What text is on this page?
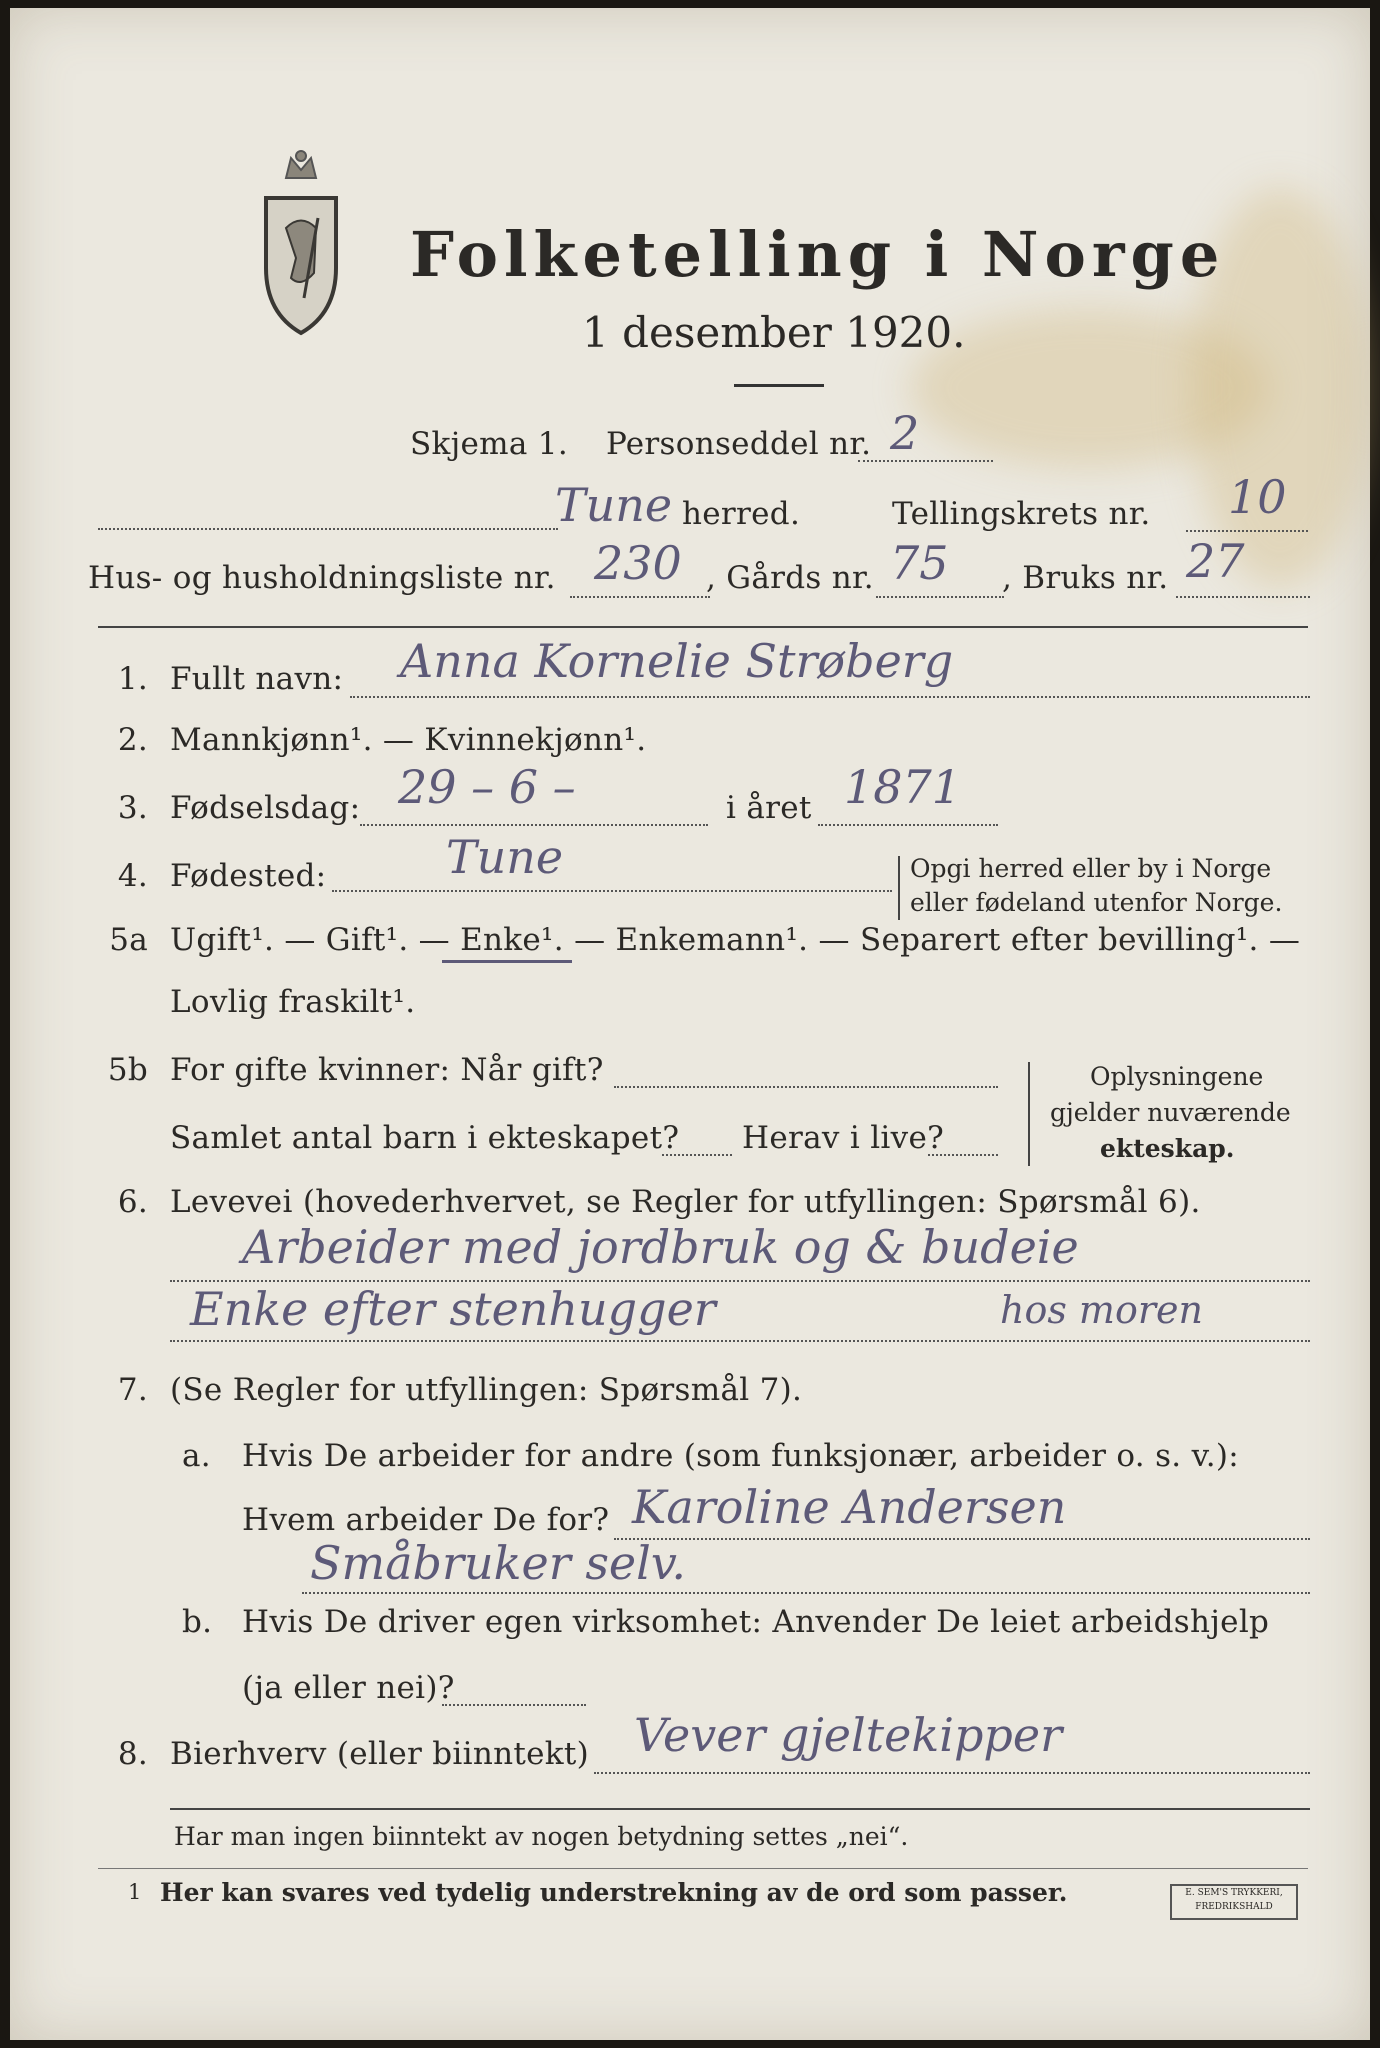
Folketelling i Norge
1 desember 1920.
Skjema 1. Personseddel nr. 2
Tune herred.	Tellingskrets nr. 10
Hus- og husholdningsliste nr. 230 , Gårds nr. 75 , Bruks nr. 27
1. Fullt navn: Anna Kornelie Strøberg
2. Mannkjønn¹. — Kvinnekjønn¹.
3. Fødselsdag: 29 – 6 –	i året 1871
4. Fødested:	Tune	Opgi herred eller by i Norge
eller fødeland utenfor Norge.
5a Ugift¹. — Gift¹. — Enke¹. — Enkemann¹. — Separert efter bevilling¹. —
Lovlig fraskilt¹.
5b For gifte kvinner: Når gift?
Samlet antal barn i ekteskapet? Herav i live?
Oplysningene
gjelder nuværende
ekteskap.
6. Levevei (hovederhvervet, se Regler for utfyllingen: Spørsmål 6).
Arbeider med jordbruk og & budeie
Enke efter stenhugger	hos moren
7. (Se Regler for utfyllingen: Spørsmål 7).
a. Hvis De arbeider for andre (som funksjonær, arbeider o. s. v.):
Hvem arbeider De for? Karoline Andersen
Småbruker selv.
b. Hvis De driver egen virksomhet: Anvender De leiet arbeidshjelp
(ja eller nei)?
8. Bierhverv (eller biinntekt) Vever gjeltekipper
Har man ingen biinntekt av nogen betydning settes „nei“.
1 Her kan svares ved tydelig understrekning av de ord som passer.	E. SEM'S TRYKKERI,
FREDRIKSHALD
